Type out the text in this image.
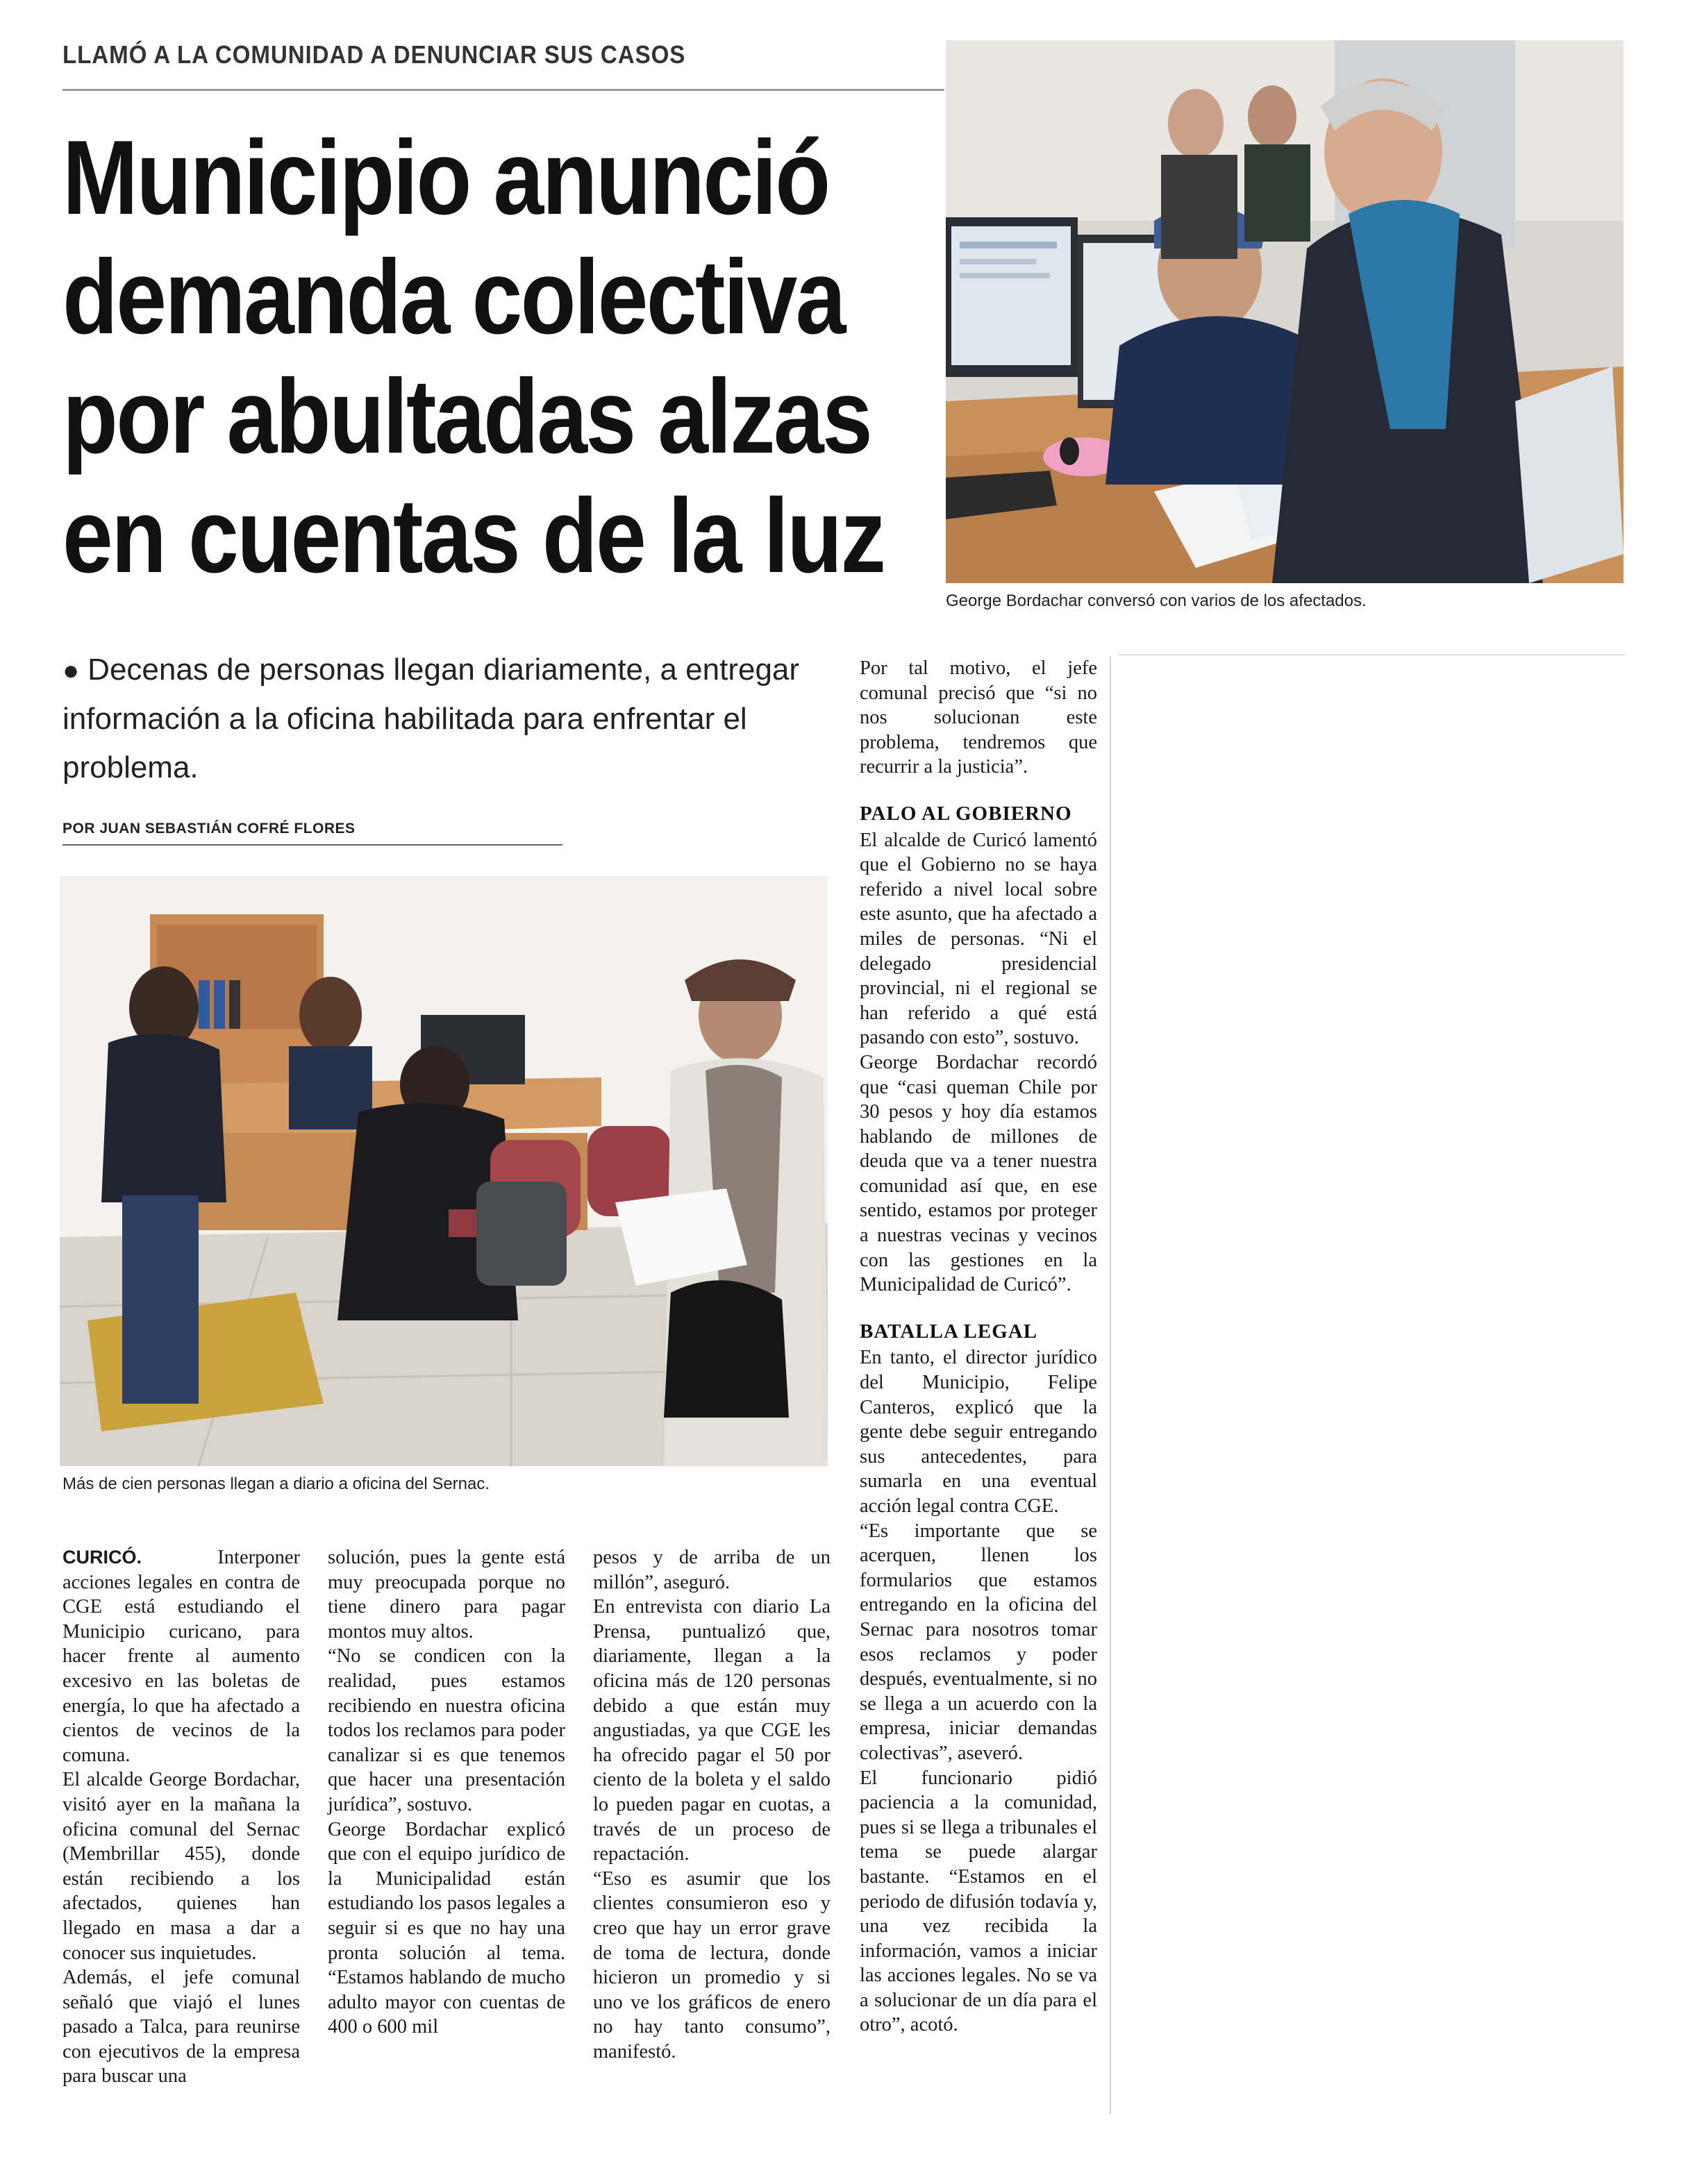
LLAMÓ A LA COMUNIDAD A DENUNCIAR SUS CASOS
Municipio anunció
demanda colectiva
por abultadas alzas
en cuentas de la luz
George Bordachar conversó con varios de los afectados.
● Decenas de personas llegan diariamente, a entregar información a la oficina habilitada para enfrentar el problema.
POR JUAN SEBASTIÁN COFRÉ FLORES
Más de cien personas llegan a diario a oficina del Sernac.

CURICÓ.	Interponer acciones legales en contra de CGE está estudiando el Municipio curicano, para hacer frente al aumento excesivo en las boletas de energía, lo que ha afectado a cientos de vecinos de la comuna.

El alcalde George Bordachar, visitó ayer en la mañana la oficina comunal del Sernac (Membrillar 455), donde están recibiendo a los afectados, quienes han llegado en masa a dar a conocer sus inquietudes.

Además, el jefe comunal señaló que viajó el lunes pasado a Talca, para reunirse con ejecutivos de la empresa para buscar una

solución, pues la gente está muy preocupada porque no tiene dinero para pagar montos muy altos.

“No se condicen con la realidad, pues estamos recibiendo en nuestra oficina todos los reclamos para poder canalizar si es que tenemos que hacer una presentación jurídica”, sostuvo.

George Bordachar explicó que con el equipo jurídico de la Municipalidad están estudiando los pasos legales a seguir si es que no hay una pronta solución al tema. “Estamos hablando de mucho adulto mayor con cuentas de 400 o 600 mil

pesos y de arriba de un millón”, aseguró.

En entrevista con diario La Prensa, puntualizó que, diariamente, llegan a la oficina más de 120 personas debido a que están muy angustiadas, ya que CGE les ha ofrecido pagar el 50 por ciento de la boleta y el saldo lo pueden pagar en cuotas, a través de un proceso de repactación.

“Eso es asumir que los clientes consumieron eso y creo que hay un error grave de toma de lectura, donde hicieron un promedio y si uno ve los gráficos de enero no hay tanto consumo”, manifestó.

Por tal motivo, el jefe comunal precisó que “si no nos solucionan este problema, tendremos que recurrir a la justicia”.

PALO AL GOBIERNO

El alcalde de Curicó lamentó que el Gobierno no se haya referido a nivel local sobre este asunto, que ha afectado a miles de personas. “Ni el delegado presidencial provincial, ni el regional se han referido a qué está pasando con esto”, sostuvo.

George Bordachar recordó que “casi queman Chile por 30 pesos y hoy día estamos hablando de millones de deuda que va a tener nuestra comunidad así que, en ese sentido, estamos por proteger a nuestras vecinas y vecinos con las gestiones en la Municipalidad de Curicó”.

BATALLA LEGAL

En tanto, el director jurídico del Municipio, Felipe Canteros, explicó que la gente debe seguir entregando sus antecedentes, para sumarla en una eventual acción legal contra CGE.

“Es importante que se acerquen, llenen los formularios que estamos entregando en la oficina del Sernac para nosotros tomar esos reclamos y poder después, eventualmente, si no se llega a un acuerdo con la empresa, iniciar demandas colectivas”, aseveró.

El funcionario pidió paciencia a la comunidad, pues si se llega a tribunales el tema se puede alargar bastante. “Estamos en el periodo de difusión todavía y, una vez recibida la información, vamos a iniciar las acciones legales. No se va a solucionar de un día para el otro”, acotó.
